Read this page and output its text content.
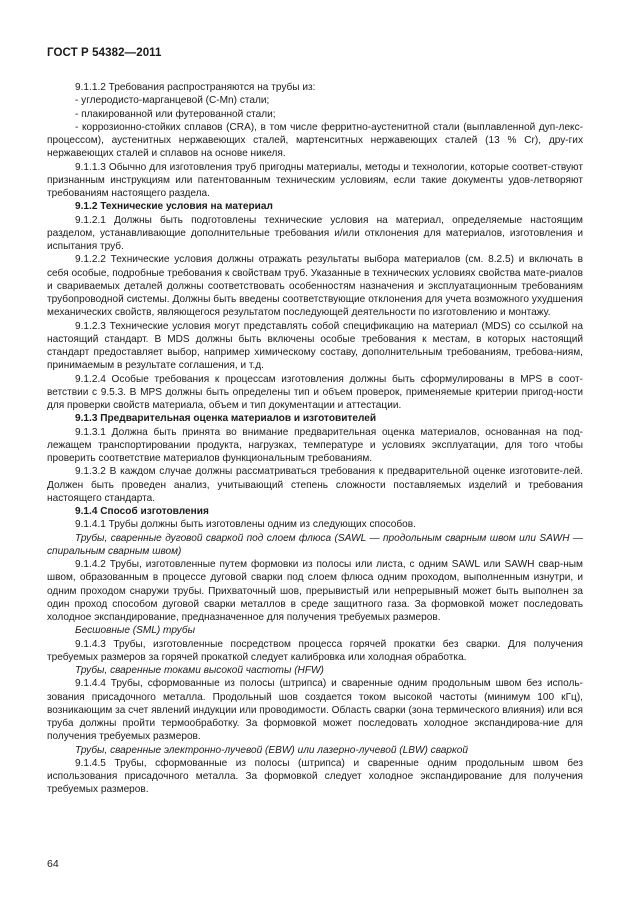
ГОСТ Р 54382—2011

9.1.1.2 Требования распространяются на трубы из:

- углеродисто-марганцевой (C-Mn) стали;

- плакированной или футерованной стали;

- коррозионно-стойких сплавов (CRA), в том числе ферритно-аустенитной стали (выплавленной дуп-лекс-процессом), аустенитных нержавеющих сталей, мартенситных нержавеющих сталей (13 % Cr), дру-гих нержавеющих сталей и сплавов на основе никеля.

9.1.1.3 Обычно для изготовления труб пригодны материалы, методы и технологии, которые соответ-ствуют признанным инструкциям или патентованным техническим условиям, если такие документы удов-летворяют требованиям настоящего раздела.

9.1.2 Технические условия на материал

9.1.2.1 Должны быть подготовлены технические условия на материал, определяемые настоящим разделом, устанавливающие дополнительные требования и/или отклонения для материалов, изготовления и испытания труб.

9.1.2.2 Технические условия должны отражать результаты выбора материалов (см. 8.2.5) и включать в себя особые, подробные требования к свойствам труб. Указанные в технических условиях свойства мате-риалов и свариваемых деталей должны соответствовать особенностям назначения и эксплуатационным требованиям трубопроводной системы. Должны быть введены соответствующие отклонения для учета возможного ухудшения механических свойств, являющегося результатом последующей деятельности по изготовлению и монтажу.

9.1.2.3 Технические условия могут представлять собой спецификацию на материал (MDS) со ссылкой на настоящий стандарт. В MDS должны быть включены особые требования к местам, в которых настоящий стандарт предоставляет выбор, например химическому составу, дополнительным требованиям, требова-ниям, принимаемым в результате соглашения, и т.д.

9.1.2.4 Особые требования к процессам изготовления должны быть сформулированы в MPS в соот-ветствии с 9.5.3. В MPS должны быть определены тип и объем проверок, применяемые критерии пригод-ности для проверки свойств материала, объем и тип документации и аттестации.

9.1.3 Предварительная оценка материалов и изготовителей

9.1.3.1 Должна быть принята во внимание предварительная оценка материалов, основанная на под-лежащем транспортировании продукта, нагрузках, температуре и условиях эксплуатации, для того чтобы проверить соответствие материалов функциональным требованиям.

9.1.3.2 В каждом случае должны рассматриваться требования к предварительной оценке изготовите-лей. Должен быть проведен анализ, учитывающий степень сложности поставляемых изделий и требования настоящего стандарта.

9.1.4 Способ изготовления

9.1.4.1 Трубы должны быть изготовлены одним из следующих способов.

Трубы, сваренные дуговой сваркой под слоем флюса (SAWL — продольным сварным швом или SAWH — спиральным сварным швом)

9.1.4.2 Трубы, изготовленные путем формовки из полосы или листа, с одним SAWL или SAWH свар-ным швом, образованным в процессе дуговой сварки под слоем флюса одним проходом, выполненным изнутри, и одним проходом снаружи трубы. Прихваточный шов, прерывистый или непрерывный может быть выполнен за один проход способом дуговой сварки металлов в среде защитного газа. За формовкой может последовать холодное экспандирование, предназначенное для получения требуемых размеров.

Бесшовные (SML) трубы

9.1.4.3 Трубы, изготовленные посредством процесса горячей прокатки без сварки. Для получения требуемых размеров за горячей прокаткой следует калибровка или холодная обработка.

Трубы, сваренные токами высокой частоты (HFW)

9.1.4.4 Трубы, сформованные из полосы (штрипса) и сваренные одним продольным швом без исполь-зования присадочного металла. Продольный шов создается током высокой частоты (минимум 100 кГц), возникающим за счет явлений индукции или проводимости. Область сварки (зона термического влияния) или вся труба должны пройти термообработку. За формовкой может последовать холодное экспандирова-ние для получения требуемых размеров.

Трубы, сваренные электронно-лучевой (EBW) или лазерно-лучевой (LBW) сваркой

9.1.4.5 Трубы, сформованные из полосы (штрипса) и сваренные одним продольным швом без использования присадочного металла. За формовкой следует холодное экспандирование для получения требуемых размеров.

64
